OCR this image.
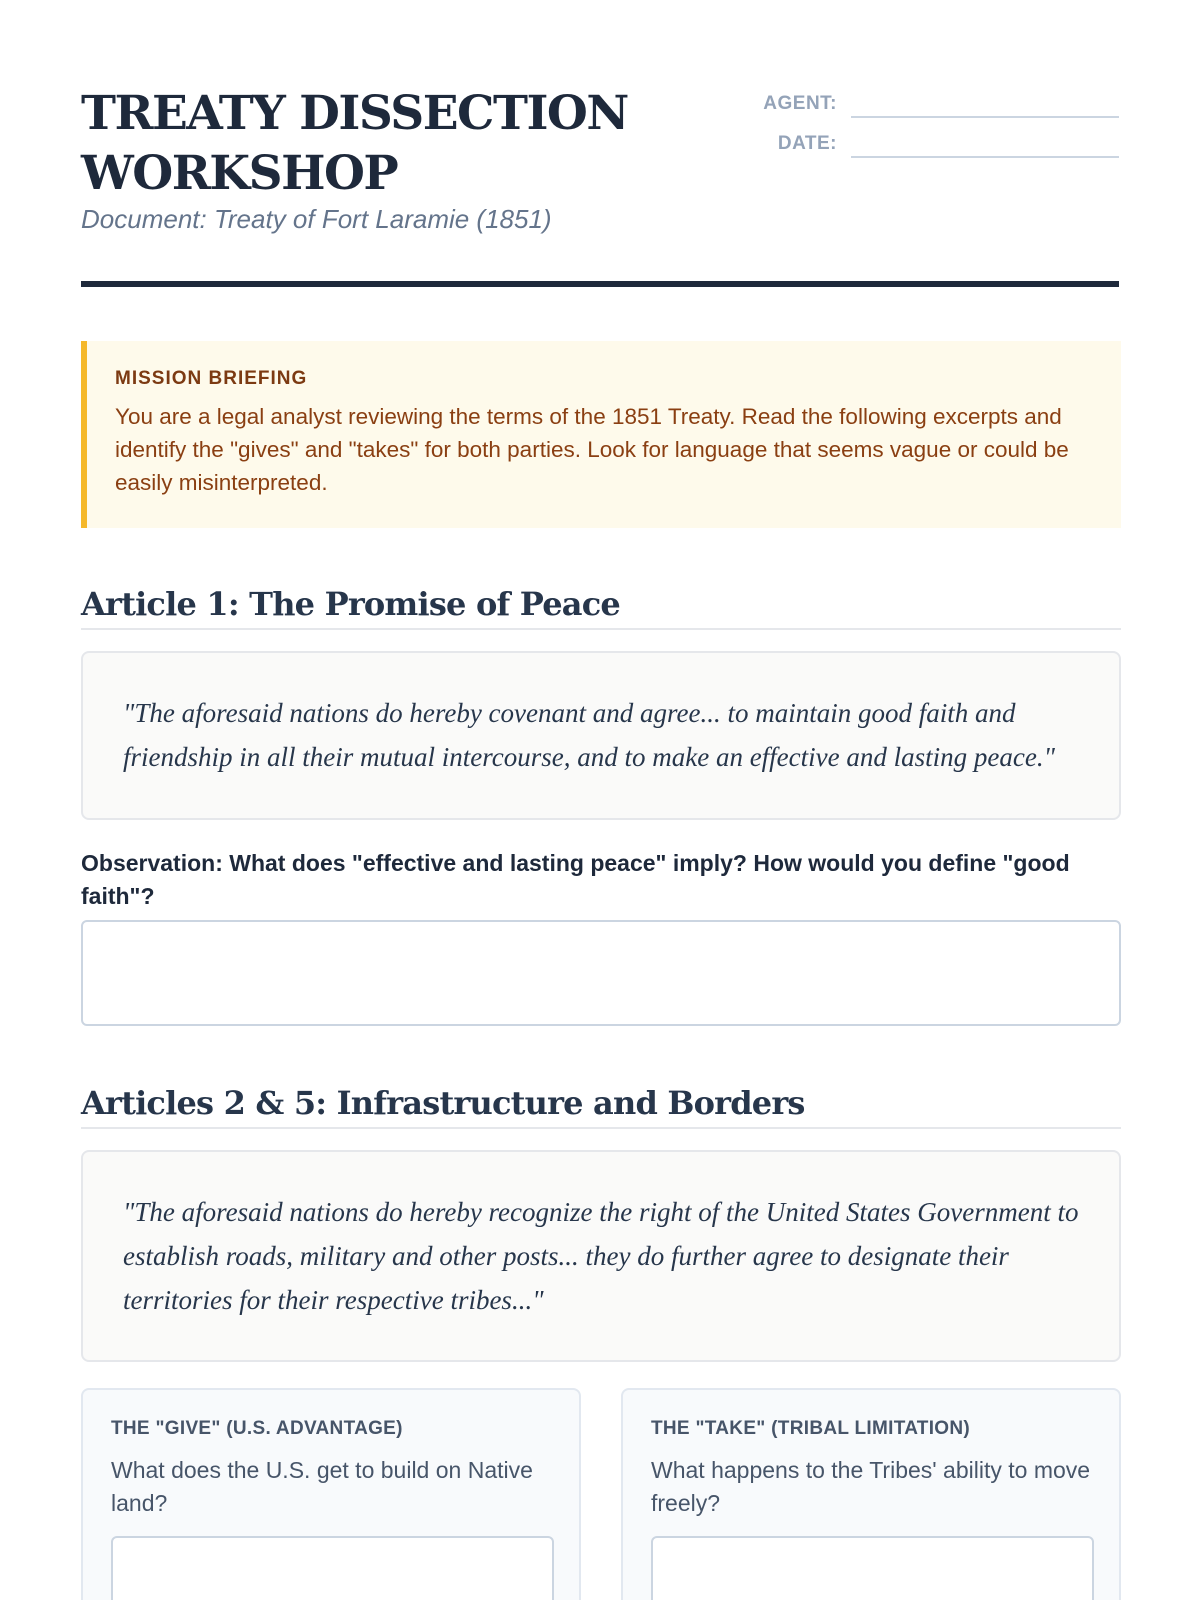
TREATY DISSECTION WORKSHOP
Document: Treaty of Fort Laramie (1851)
AGENT:
DATE:
MISSION BRIEFING
You are a legal analyst reviewing the terms of the 1851 Treaty. Read the following excerpts and identify the "gives" and "takes" for both parties. Look for language that seems vague or could be easily misinterpreted.
Article 1: The Promise of Peace
"The aforesaid nations do hereby covenant and agree... to maintain good faith and friendship in all their mutual intercourse, and to make an effective and lasting peace."
Observation: What does "effective and lasting peace" imply? How would you define "good faith"?
Articles 2 & 5: Infrastructure and Borders
"The aforesaid nations do hereby recognize the right of the United States Government to establish roads, military and other posts... they do further agree to designate their territories for their respective tribes..."
THE "GIVE" (U.S. ADVANTAGE)
What does the U.S. get to build on Native land?
THE "TAKE" (TRIBAL LIMITATION)
What happens to the Tribes' ability to move freely?
